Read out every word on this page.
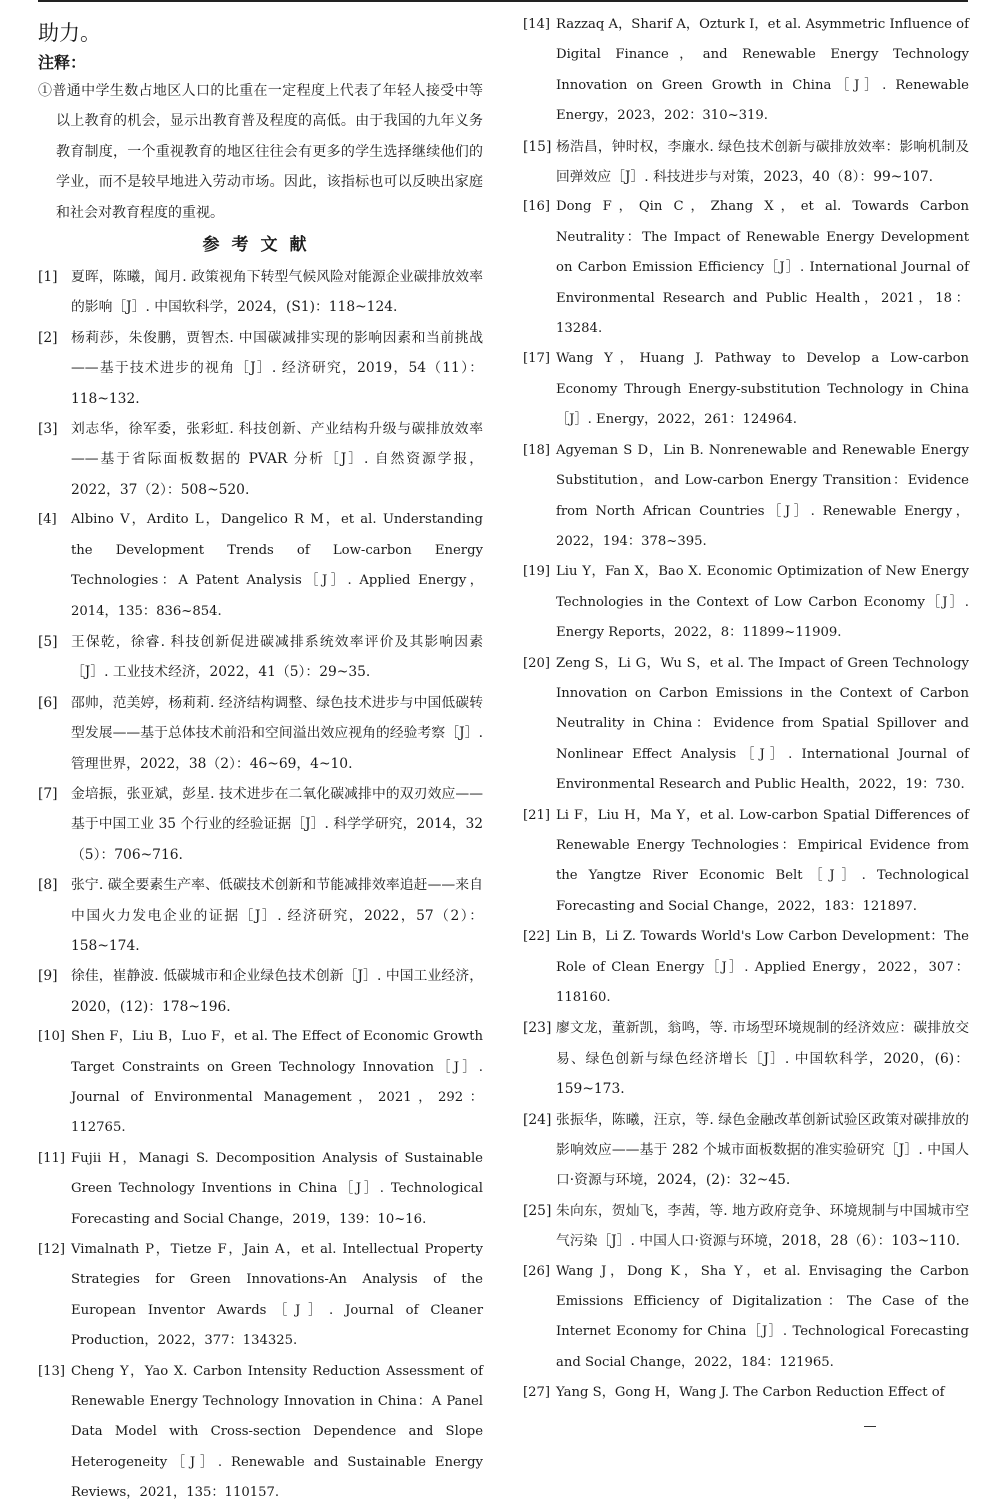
助力。

注释：

①普通中学生数占地区人口的比重在一定程度上代表了年轻人接受中等以上教育的机会，显示出教育普及程度的高低。由于我国的九年义务教育制度，一个重视教育的地区往往会有更多的学生选择继续他们的学业，而不是较早地进入劳动市场。因此，该指标也可以反映出家庭和社会对教育程度的重视。

参考文献

[1] 夏晖，陈曦，闻月. 政策视角下转型气候风险对能源企业碳排放效率的影响［J］. 中国软科学，2024，(S1)：118~124.
[2] 杨莉莎，朱俊鹏，贾智杰. 中国碳减排实现的影响因素和当前挑战——基于技术进步的视角［J］. 经济研究，2019，54（11）：118~132.
[3] 刘志华，徐军委，张彩虹. 科技创新、产业结构升级与碳排放效率——基于省际面板数据的 PVAR 分析［J］. 自然资源学报，2022，37（2）：508~520.
[4] Albino V，Ardito L，Dangelico R M，et al. Understanding the Development Trends of Low-carbon Energy Technologies：A Patent Analysis［J］. Applied Energy，2014，135：836~854.
[5] 王保乾，徐睿. 科技创新促进碳减排系统效率评价及其影响因素［J］. 工业技术经济，2022，41（5）：29~35.
[6] 邵帅，范美婷，杨莉莉. 经济结构调整、绿色技术进步与中国低碳转型发展——基于总体技术前沿和空间溢出效应视角的经验考察［J］. 管理世界，2022，38（2）：46~69，4~10.
[7] 金培振，张亚斌，彭星. 技术进步在二氧化碳减排中的双刃效应——基于中国工业 35 个行业的经验证据［J］. 科学学研究，2014，32（5）：706~716.
[8] 张宁. 碳全要素生产率、低碳技术创新和节能减排效率追赶——来自中国火力发电企业的证据［J］. 经济研究，2022，57（2）：158~174.
[9] 徐佳，崔静波. 低碳城市和企业绿色技术创新［J］. 中国工业经济，2020，(12)：178~196.
[10] Shen F，Liu B，Luo F，et al. The Effect of Economic Growth Target Constraints on Green Technology Innovation［J］. Journal of Environmental Management，2021，292：112765.
[11] Fujii H，Managi S. Decomposition Analysis of Sustainable Green Technology Inventions in China［J］. Technological Forecasting and Social Change，2019，139：10~16.
[12] Vimalnath P，Tietze F，Jain A，et al. Intellectual Property Strategies for Green Innovations-An Analysis of the European Inventor Awards［J］. Journal of Cleaner Production，2022，377：134325.
[13] Cheng Y，Yao X. Carbon Intensity Reduction Assessment of Renewable Energy Technology Innovation in China：A Panel Data Model with Cross-section Dependence and Slope Heterogeneity［J］. Renewable and Sustainable Energy Reviews，2021，135：110157.
[14] Razzaq A，Sharif A，Ozturk I，et al. Asymmetric Influence of Digital Finance，and Renewable Energy Technology Innovation on Green Growth in China［J］. Renewable Energy，2023，202：310~319.
[15] 杨浩昌，钟时权，李廉水. 绿色技术创新与碳排放效率：影响机制及回弹效应［J］. 科技进步与对策，2023，40（8）：99~107.
[16] Dong F，Qin C，Zhang X，et al. Towards Carbon Neutrality：The Impact of Renewable Energy Development on Carbon Emission Efficiency［J］. International Journal of Environmental Research and Public Health，2021，18：13284.
[17] Wang Y，Huang J. Pathway to Develop a Low-carbon Economy Through Energy-substitution Technology in China［J］. Energy，2022，261：124964.
[18] Agyeman S D，Lin B. Nonrenewable and Renewable Energy Substitution，and Low-carbon Energy Transition：Evidence from North African Countries［J］. Renewable Energy，2022，194：378~395.
[19] Liu Y，Fan X，Bao X. Economic Optimization of New Energy Technologies in the Context of Low Carbon Economy［J］. Energy Reports，2022，8：11899~11909.
[20] Zeng S，Li G，Wu S，et al. The Impact of Green Technology Innovation on Carbon Emissions in the Context of Carbon Neutrality in China：Evidence from Spatial Spillover and Nonlinear Effect Analysis［J］. International Journal of Environmental Research and Public Health，2022，19：730.
[21] Li F，Liu H，Ma Y，et al. Low-carbon Spatial Differences of Renewable Energy Technologies：Empirical Evidence from the Yangtze River Economic Belt［J］. Technological Forecasting and Social Change，2022，183：121897.
[22] Lin B，Li Z. Towards World's Low Carbon Development：The Role of Clean Energy［J］. Applied Energy，2022，307：118160.
[23] 廖文龙，董新凯，翁鸣，等. 市场型环境规制的经济效应：碳排放交易、绿色创新与绿色经济增长［J］. 中国软科学，2020，(6)：159~173.
[24] 张振华，陈曦，汪京，等. 绿色金融改革创新试验区政策对碳排放的影响效应——基于 282 个城市面板数据的准实验研究［J］. 中国人口·资源与环境，2024，(2)：32~45.
[25] 朱向东，贺灿飞，李茜，等. 地方政府竞争、环境规制与中国城市空气污染［J］. 中国人口·资源与环境，2018，28（6）：103~110.
[26] Wang J，Dong K，Sha Y，et al. Envisaging the Carbon Emissions Efficiency of Digitalization：The Case of the Internet Economy for China［J］. Technological Forecasting and Social Change，2022，184：121965.
[27] Yang S，Gong H，Wang J. The Carbon Reduction Effect of
